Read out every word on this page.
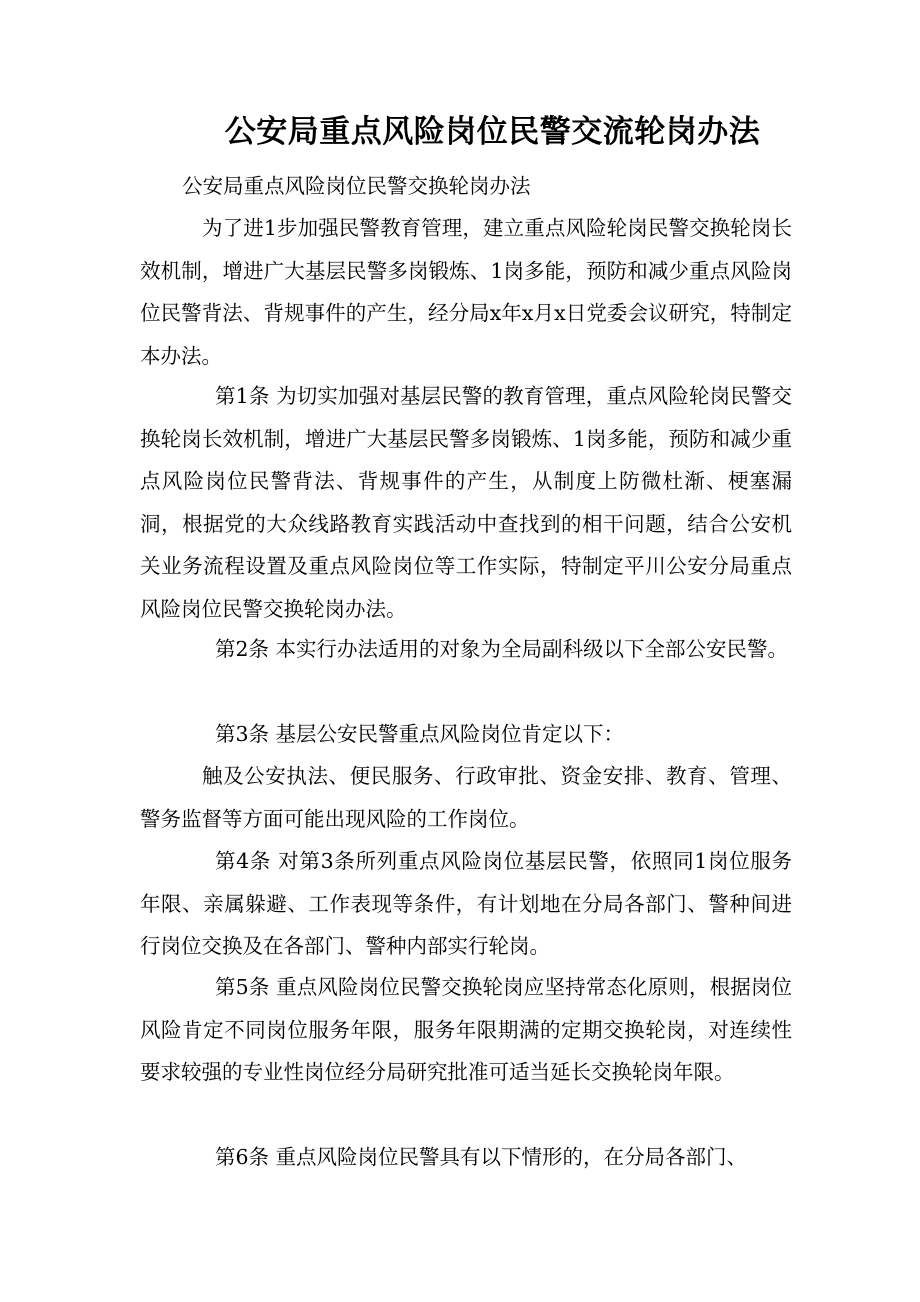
公安局重点风险岗位民警交流轮岗办法

公安局重点风险岗位民警交换轮岗办法

为了进1步加强民警教育管理，建立重点风险轮岗民警交换轮岗长效机制，增进广大基层民警多岗锻炼、1岗多能，预防和减少重点风险岗位民警背法、背规事件的产生，经分局x年x月x日党委会议研究，特制定本办法。

第1条 为切实加强对基层民警的教育管理，重点风险轮岗民警交换轮岗长效机制，增进广大基层民警多岗锻炼、1岗多能，预防和减少重点风险岗位民警背法、背规事件的产生，从制度上防微杜渐、梗塞漏洞，根据党的大众线路教育实践活动中查找到的相干问题，结合公安机关业务流程设置及重点风险岗位等工作实际，特制定平川公安分局重点风险岗位民警交换轮岗办法。

第2条 本实行办法适用的对象为全局副科级以下全部公安民警。

第3条 基层公安民警重点风险岗位肯定以下：

触及公安执法、便民服务、行政审批、资金安排、教育、管理、警务监督等方面可能出现风险的工作岗位。

第4条 对第3条所列重点风险岗位基层民警，依照同1岗位服务年限、亲属躲避、工作表现等条件，有计划地在分局各部门、警种间进行岗位交换及在各部门、警种内部实行轮岗。

第5条 重点风险岗位民警交换轮岗应坚持常态化原则，根据岗位风险肯定不同岗位服务年限，服务年限期满的定期交换轮岗，对连续性要求较强的专业性岗位经分局研究批准可适当延长交换轮岗年限。

第6条 重点风险岗位民警具有以下情形的，在分局各部门、
